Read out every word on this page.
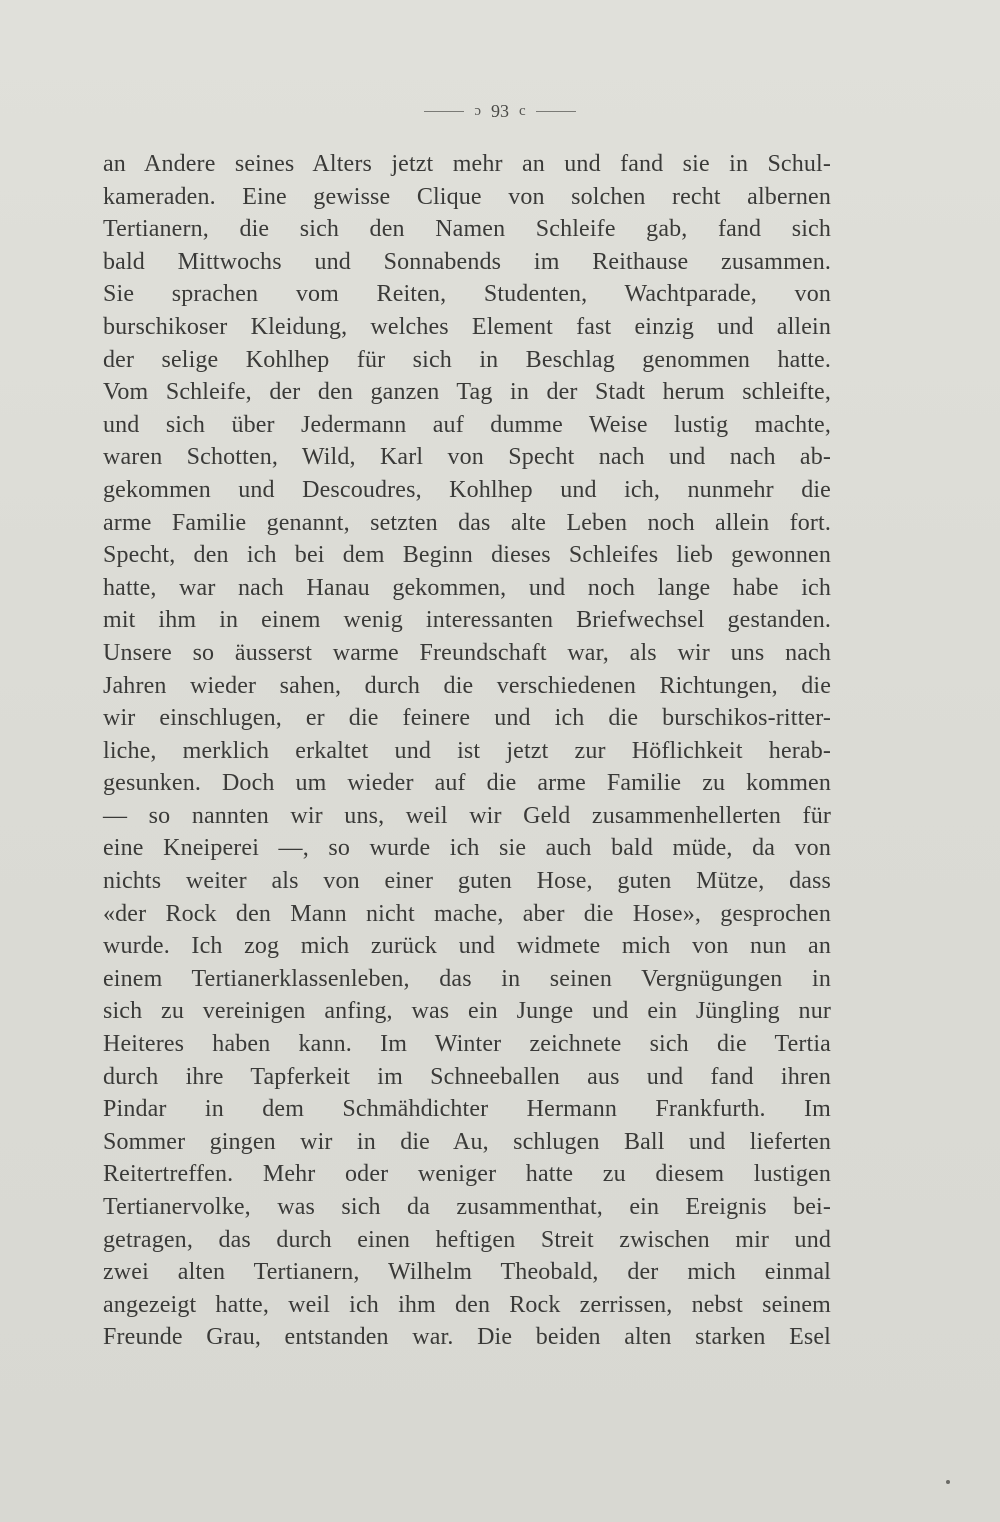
ɔ 93 c
an Andere seines Alters jetzt mehr an und fand sie in Schul-
kameraden. Eine gewisse Clique von solchen recht albernen
Tertianern, die sich den Namen Schleife gab, fand sich
bald Mittwochs und Sonnabends im Reithause zusammen.
Sie sprachen vom Reiten, Studenten, Wachtparade, von
burschikoser Kleidung, welches Element fast einzig und allein
der selige Kohlhep für sich in Beschlag genommen hatte.
Vom Schleife, der den ganzen Tag in der Stadt herum schleifte,
und sich über Jedermann auf dumme Weise lustig machte,
waren Schotten, Wild, Karl von Specht nach und nach ab-
gekommen und Descoudres, Kohlhep und ich, nunmehr die
arme Familie genannt, setzten das alte Leben noch allein fort.
Specht, den ich bei dem Beginn dieses Schleifes lieb gewonnen
hatte, war nach Hanau gekommen, und noch lange habe ich
mit ihm in einem wenig interessanten Briefwechsel gestanden.
Unsere so äusserst warme Freundschaft war, als wir uns nach
Jahren wieder sahen, durch die verschiedenen Richtungen, die
wir einschlugen, er die feinere und ich die burschikos-ritter-
liche, merklich erkaltet und ist jetzt zur Höflichkeit herab-
gesunken. Doch um wieder auf die arme Familie zu kommen
— so nannten wir uns, weil wir Geld zusammenhellerten für
eine Kneiperei —, so wurde ich sie auch bald müde, da von
nichts weiter als von einer guten Hose, guten Mütze, dass
«der Rock den Mann nicht mache, aber die Hose», gesprochen
wurde. Ich zog mich zurück und widmete mich von nun an
einem Tertianerklassenleben, das in seinen Vergnügungen in
sich zu vereinigen anfing, was ein Junge und ein Jüngling nur
Heiteres haben kann. Im Winter zeichnete sich die Tertia
durch ihre Tapferkeit im Schneeballen aus und fand ihren
Pindar in dem Schmähdichter Hermann Frankfurth. Im
Sommer gingen wir in die Au, schlugen Ball und lieferten
Reitertreffen. Mehr oder weniger hatte zu diesem lustigen
Tertianervolke, was sich da zusammenthat, ein Ereignis bei-
getragen, das durch einen heftigen Streit zwischen mir und
zwei alten Tertianern, Wilhelm Theobald, der mich einmal
angezeigt hatte, weil ich ihm den Rock zerrissen, nebst seinem
Freunde Grau, entstanden war. Die beiden alten starken Esel
